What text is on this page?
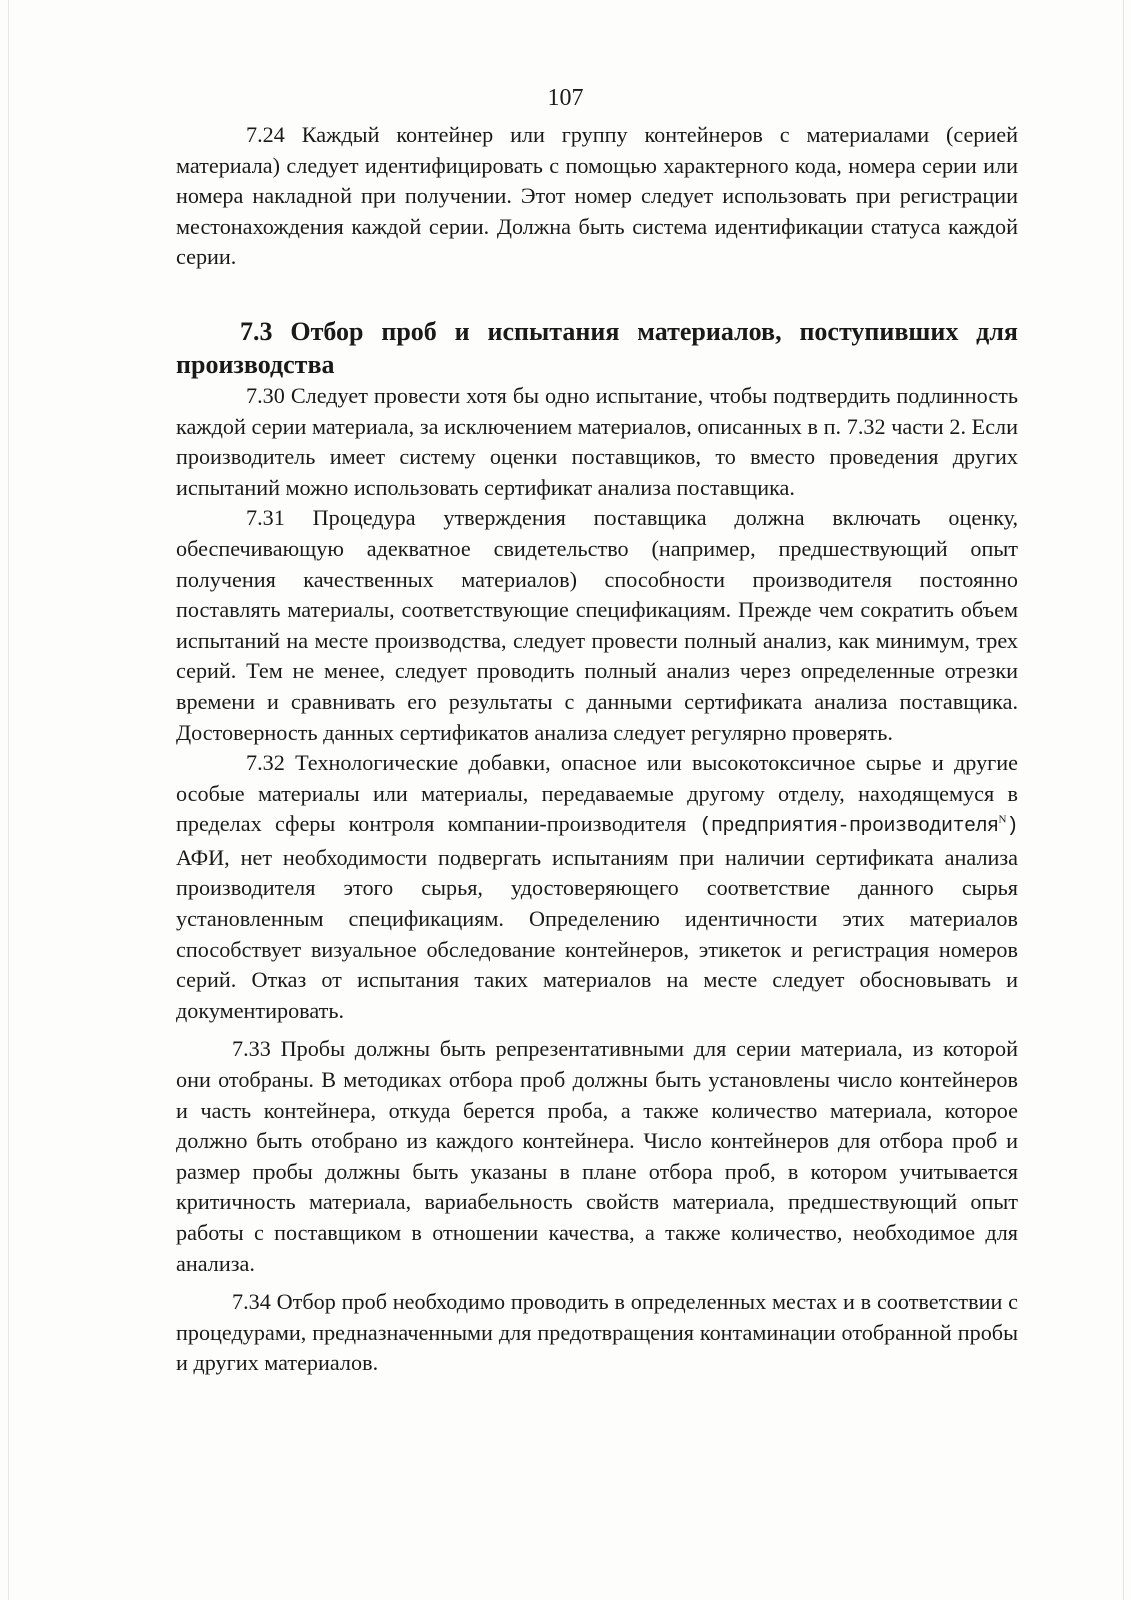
107

7.24 Каждый контейнер или группу контейнеров с материалами (серией материала) следует идентифицировать с помощью характерного кода, номера серии или номера накладной при получении. Этот номер следует использовать при регистрации местонахождения каждой серии. Должна быть система идентификации статуса каждой серии.

7.3 Отбор проб и испытания материалов, поступивших для производства

7.30 Следует провести хотя бы одно испытание, чтобы подтвердить подлинность каждой серии материала, за исключением материалов, описанных в п. 7.32 части 2. Если производитель имеет систему оценки поставщиков, то вместо проведения других испытаний можно использовать сертификат анализа поставщика.

7.31 Процедура утверждения поставщика должна включать оценку, обеспечивающую адекватное свидетельство (например, предшествующий опыт получения качественных материалов) способности производителя постоянно поставлять материалы, соответствующие спецификациям. Прежде чем сократить объем испытаний на месте производства, следует провести полный анализ, как минимум, трех серий. Тем не менее, следует проводить полный анализ через определенные отрезки времени и сравнивать его результаты с данными сертификата анализа поставщика. Достоверность данных сертификатов анализа следует регулярно проверять.

7.32 Технологические добавки, опасное или высокотоксичное сырье и другие особые материалы или материалы, передаваемые другому отделу, находящемуся в пределах сферы контроля компании-производителя (предприятия-производителя$^N$) АФИ, нет необходимости подвергать испытаниям при наличии сертификата анализа производителя этого сырья, удостоверяющего соответствие данного сырья установленным спецификациям. Определению идентичности этих материалов способствует визуальное обследование контейнеров, этикеток и регистрация номеров серий. Отказ от испытания таких материалов на месте следует обосновывать и документировать.

7.33 Пробы должны быть репрезентативными для серии материала, из которой они отобраны. В методиках отбора проб должны быть установлены число контейнеров и часть контейнера, откуда берется проба, а также количество материала, которое должно быть отобрано из каждого контейнера. Число контейнеров для отбора проб и размер пробы должны быть указаны в плане отбора проб, в котором учитывается критичность материала, вариабельность свойств материала, предшествующий опыт работы с поставщиком в отношении качества, а также количество, необходимое для анализа.

7.34 Отбор проб необходимо проводить в определенных местах и в соответствии с процедурами, предназначенными для предотвращения контаминации отобранной пробы и других материалов.
